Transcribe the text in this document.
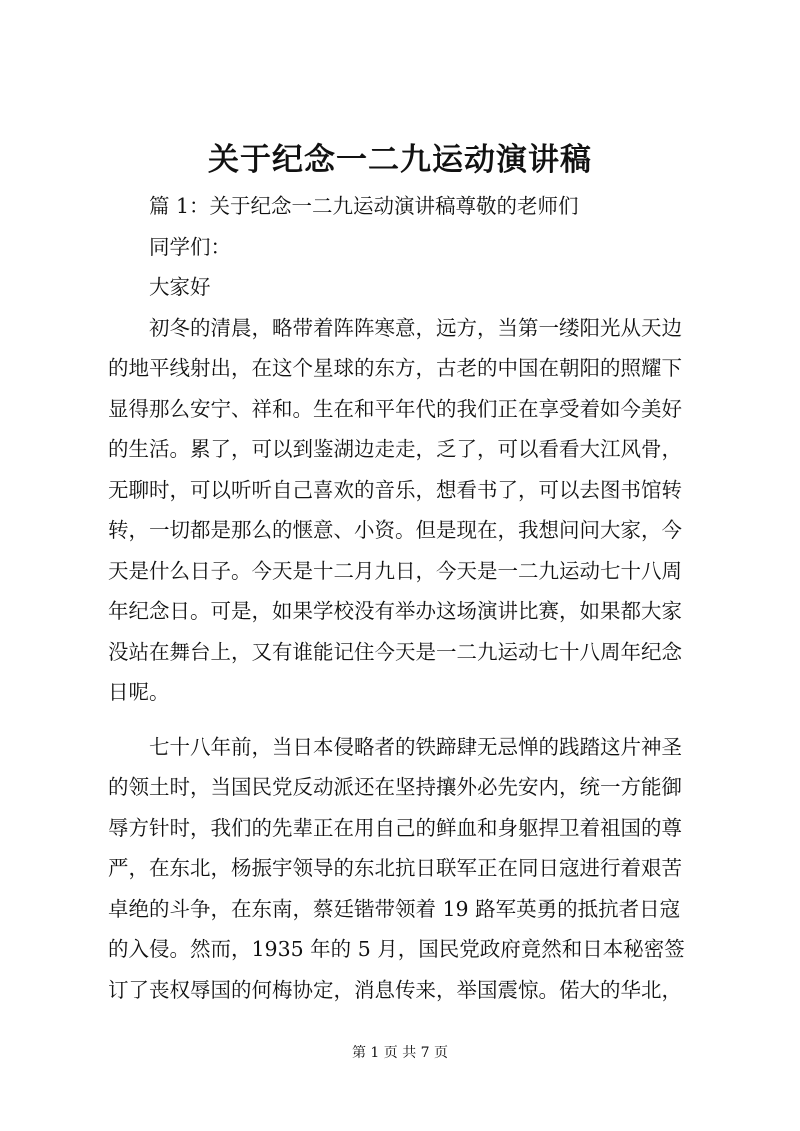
关于纪念一二九运动演讲稿
篇 1：关于纪念一二九运动演讲稿尊敬的老师们
同学们：
大家好
初冬的清晨，略带着阵阵寒意，远方，当第一缕阳光从天边
的地平线射出，在这个星球的东方，古老的中国在朝阳的照耀下
显得那么安宁、祥和。生在和平年代的我们正在享受着如今美好
的生活。累了，可以到鉴湖边走走，乏了，可以看看大江风骨，
无聊时，可以听听自己喜欢的音乐，想看书了，可以去图书馆转
转，一切都是那么的惬意、小资。但是现在，我想问问大家，今
天是什么日子。今天是十二月九日，今天是一二九运动七十八周
年纪念日。可是，如果学校没有举办这场演讲比赛，如果都大家
没站在舞台上，又有谁能记住今天是一二九运动七十八周年纪念
日呢。
七十八年前，当日本侵略者的铁蹄肆无忌惮的践踏这片神圣
的领土时，当国民党反动派还在坚持攘外必先安内，统一方能御
辱方针时，我们的先辈正在用自己的鲜血和身躯捍卫着祖国的尊
严，在东北，杨振宇领导的东北抗日联军正在同日寇进行着艰苦
卓绝的斗争，在东南，蔡廷锴带领着 19 路军英勇的抵抗者日寇
的入侵。然而，1935 年的 5 月，国民党政府竟然和日本秘密签
订了丧权辱国的何梅协定，消息传来，举国震惊。偌大的华北，
第 1 页 共 7 页
